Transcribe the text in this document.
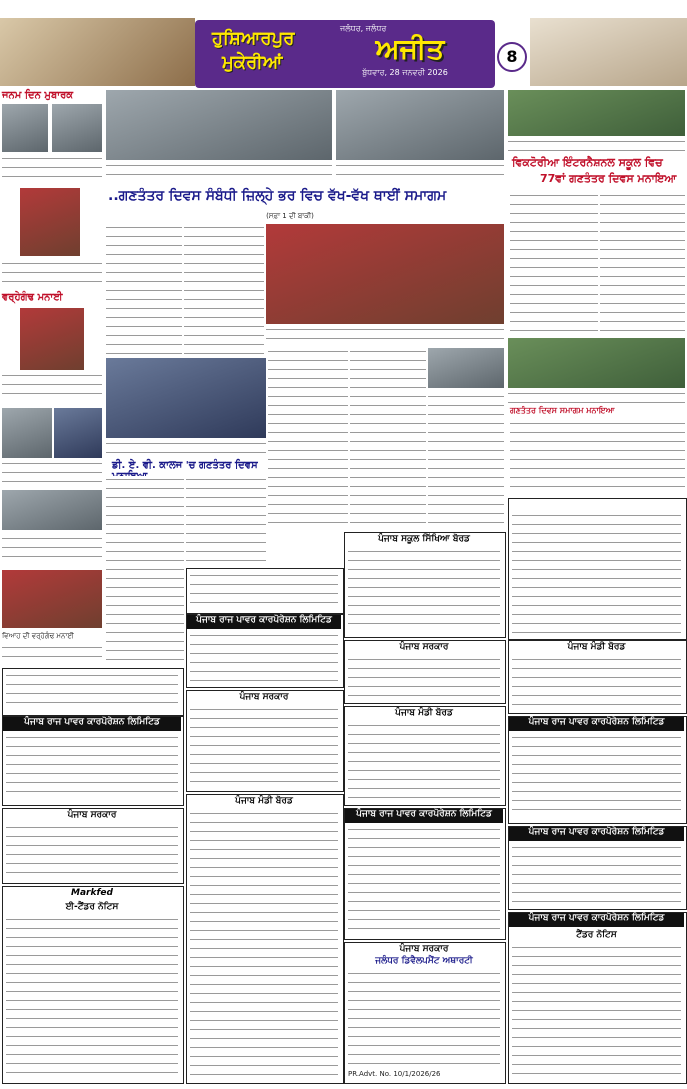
ਹੁਸ਼ਿਆਰਪੁਰ
ਮੁਕੇਰੀਆਂ
ਜਲੰਧਰ, ਜਲੰਧਰ
ਅਜੀਤ
ਬੁੱਧਵਾਰ, 28 ਜਨਵਰੀ 2026
8
ਜਨਮ ਦਿਨ ਮੁਬਾਰਕ
ਵਰ੍ਹੇਗੰਢ ਮਨਾਈ
ਵਿਆਹ ਦੀ ਵਰ੍ਹੇਗੰਢ ਮਨਾਈ
ਵਿਕਟੋਰੀਆ ਇੰਟਰਨੈਸ਼ਨਲ ਸਕੂਲ ਵਿਚ
77ਵਾਂ ਗਣਤੰਤਰ ਦਿਵਸ ਮਨਾਇਆ
ਗਣਤੰਤਰ ਦਿਵਸ ਸਮਾਗਮ ਮਨਾਇਆ
..ਗਣਤੰਤਰ ਦਿਵਸ ਸੰਬੰਧੀ ਜ਼ਿਲ੍ਹੇ ਭਰ ਵਿਚ ਵੱਖ-ਵੱਖ ਥਾਈਂ ਸਮਾਗਮ
(ਸਫ਼ਾ 1 ਦੀ ਬਾਕੀ)
ਡੀ. ਏ. ਵੀ. ਕਾਲਜ 'ਚ ਗਣਤੰਤਰ ਦਿਵਸ
ਪੰਜਾਬ ਸਕੂਲ ਸਿੱਖਿਆ ਬੋਰਡ
ਪੰਜਾਬ ਰਾਜ ਪਾਵਰ ਕਾਰਪੋਰੇਸ਼ਨ ਲਿਮਿਟਿਡ
ਪੰਜਾਬ ਸਰਕਾਰ
Markfed
ਈ-ਟੈਂਡਰ ਨੋਟਿਸ
ਪੰਜਾਬ ਰਾਜ ਪਾਵਰ ਕਾਰਪੋਰੇਸ਼ਨ ਲਿਮਿਟਿਡ
ਪੰਜਾਬ ਸਰਕਾਰ
ਪੰਜਾਬ ਮੰਡੀ ਬੋਰਡ
ਪੰਜਾਬ ਸਰਕਾਰ
ਪੰਜਾਬ ਮੰਡੀ ਬੋਰਡ
ਪੰਜਾਬ ਰਾਜ ਪਾਵਰ ਕਾਰਪੋਰੇਸ਼ਨ ਲਿਮਿਟਿਡ
ਪੰਜਾਬ ਸਰਕਾਰ
ਜਲੰਧਰ ਡਿਵੈਲਪਮੈਂਟ ਅਥਾਰਟੀ
PR.Advt. No. 10/1/2026/26
ਪੰਜਾਬ ਮੰਡੀ ਬੋਰਡ
ਪੰਜਾਬ ਰਾਜ ਪਾਵਰ ਕਾਰਪੋਰੇਸ਼ਨ ਲਿਮਿਟਿਡ
ਪੰਜਾਬ ਰਾਜ ਪਾਵਰ ਕਾਰਪੋਰੇਸ਼ਨ ਲਿਮਿਟਿਡ
ਪੰਜਾਬ ਰਾਜ ਪਾਵਰ ਕਾਰਪੋਰੇਸ਼ਨ ਲਿਮਿਟਿਡ
ਟੈਂਡਰ ਨੋਟਿਸ
